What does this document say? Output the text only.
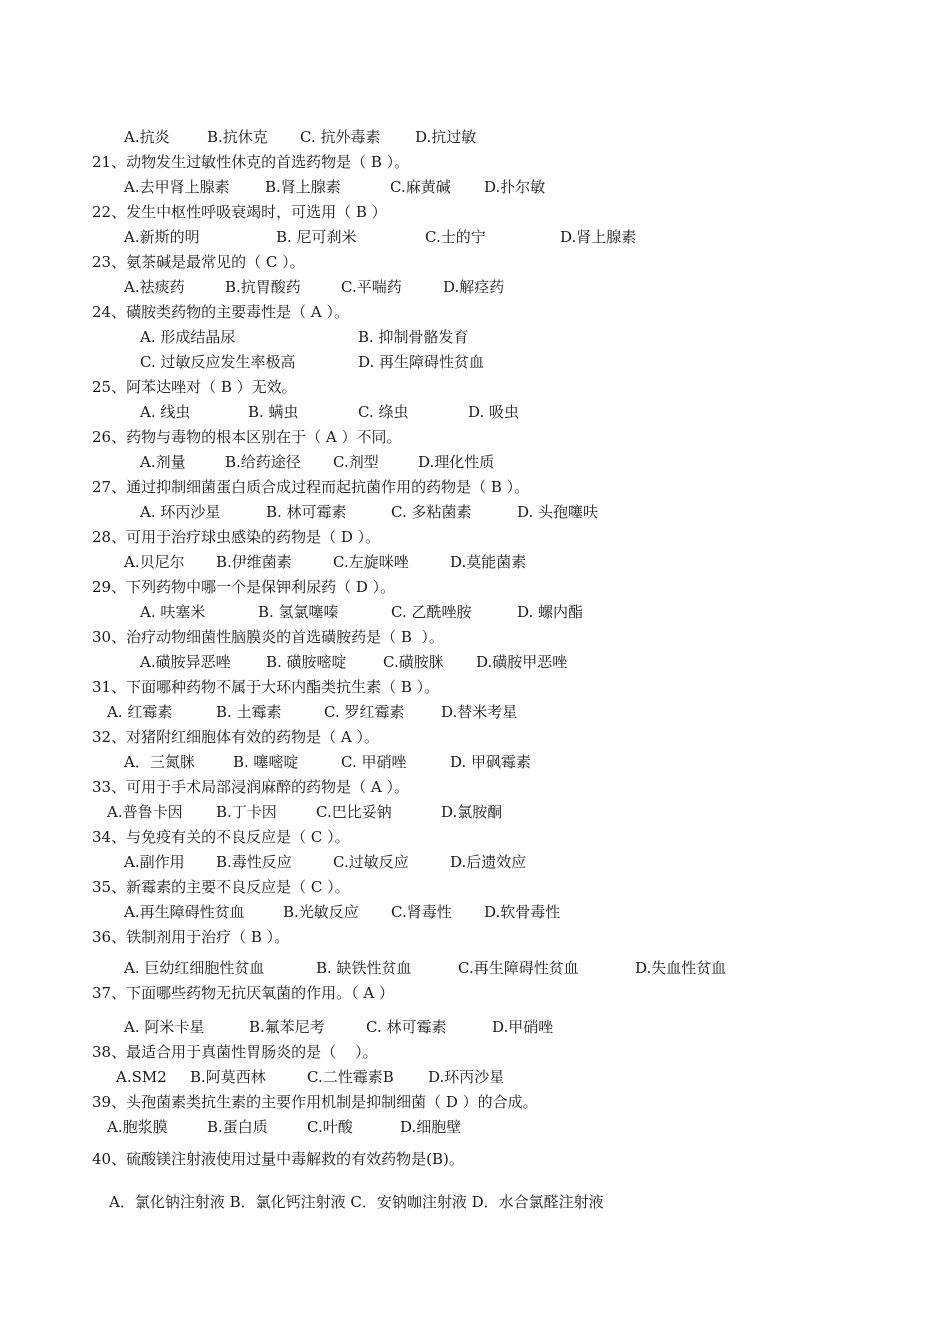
A.抗炎 B.抗休克 C. 抗外毒素 D.抗过敏
21、动物发生过敏性休克的首选药物是（ B ）。
A.去甲肾上腺素 B.肾上腺素	C.麻黄碱 D.扑尔敏
22、发生中枢性呼吸衰竭时，可选用（ B ）
A.新斯的明	B. 尼可刹米	C.士的宁	D.肾上腺素
23、氨茶碱是最常见的（ C ）。
A.祛痰药	B.抗胃酸药	C.平喘药	D.解痉药
24、磺胺类药物的主要毒性是（ A ）。
A. 形成结晶尿	B. 抑制骨骼发育
C. 过敏反应发生率极高	D. 再生障碍性贫血
25、阿苯达唑对（ B ）无效。
A. 线虫	B. 螨虫	C. 绦虫	D. 吸虫
26、药物与毒物的根本区别在于（ A ）不同。
A.剂量	B.给药途径 C.剂型	D.理化性质
27、通过抑制细菌蛋白质合成过程而起抗菌作用的药物是（ B ）。
A. 环丙沙星	B. 林可霉素	C. 多粘菌素	D. 头孢噻呋
28、可用于治疗球虫感染的药物是（ D ）。
A.贝尼尔 B.伊维菌素	C.左旋咪唑	D.莫能菌素
29、下列药物中哪一个是保钾利尿药（ D ）。
A. 呋塞米	B. 氢氯噻嗪	C. 乙酰唑胺	D. 螺内酯
30、治疗动物细菌性脑膜炎的首选磺胺药是（ B  ）。
A.磺胺异恶唑 B. 磺胺嘧啶 C.磺胺脒 D.磺胺甲恶唑
31、下面哪种药物不属于大环内酯类抗生素（ B ）。
A. 红霉素	B. 土霉素	C. 罗红霉素 D.替米考星
32、对猪附红细胞体有效的药物是（ A ）。
A．三氮脒	B. 噻嘧啶	C. 甲硝唑	D. 甲砜霉素
33、可用于手术局部浸润麻醉的药物是（ A ）。
A.普鲁卡因 B.丁卡因	C.巴比妥钠	D.氯胺酮
34、与免疫有关的不良反应是（ C ）。
A.副作用 B.毒性反应	C.过敏反应	D.后遗效应
35、新霉素的主要不良反应是（ C ）。
A.再生障碍性贫血	B.光敏反应 C.肾毒性 D.软骨毒性
36、铁制剂用于治疗（ B ）。
A. 巨幼红细胞性贫血	B. 缺铁性贫血	C.再生障碍性贫血	D.失血性贫血
37、下面哪些药物无抗厌氧菌的作用。（ A ）
A. 阿米卡星	B.氟苯尼考	C. 林可霉素	D.甲硝唑
38、最适合用于真菌性胃肠炎的是（    ）。
A.SM2 B.阿莫西林	C.二性霉素B D.环丙沙星
39、头孢菌素类抗生素的主要作用机制是抑制细菌（ D ）的合成。
A.胞浆膜	B.蛋白质	C.叶酸	D.细胞壁
40、硫酸镁注射液使用过量中毒解救的有效药物是(B)。
A．氯化钠注射液 B．氯化钙注射液 C．安钠咖注射液 D．水合氯醛注射液
